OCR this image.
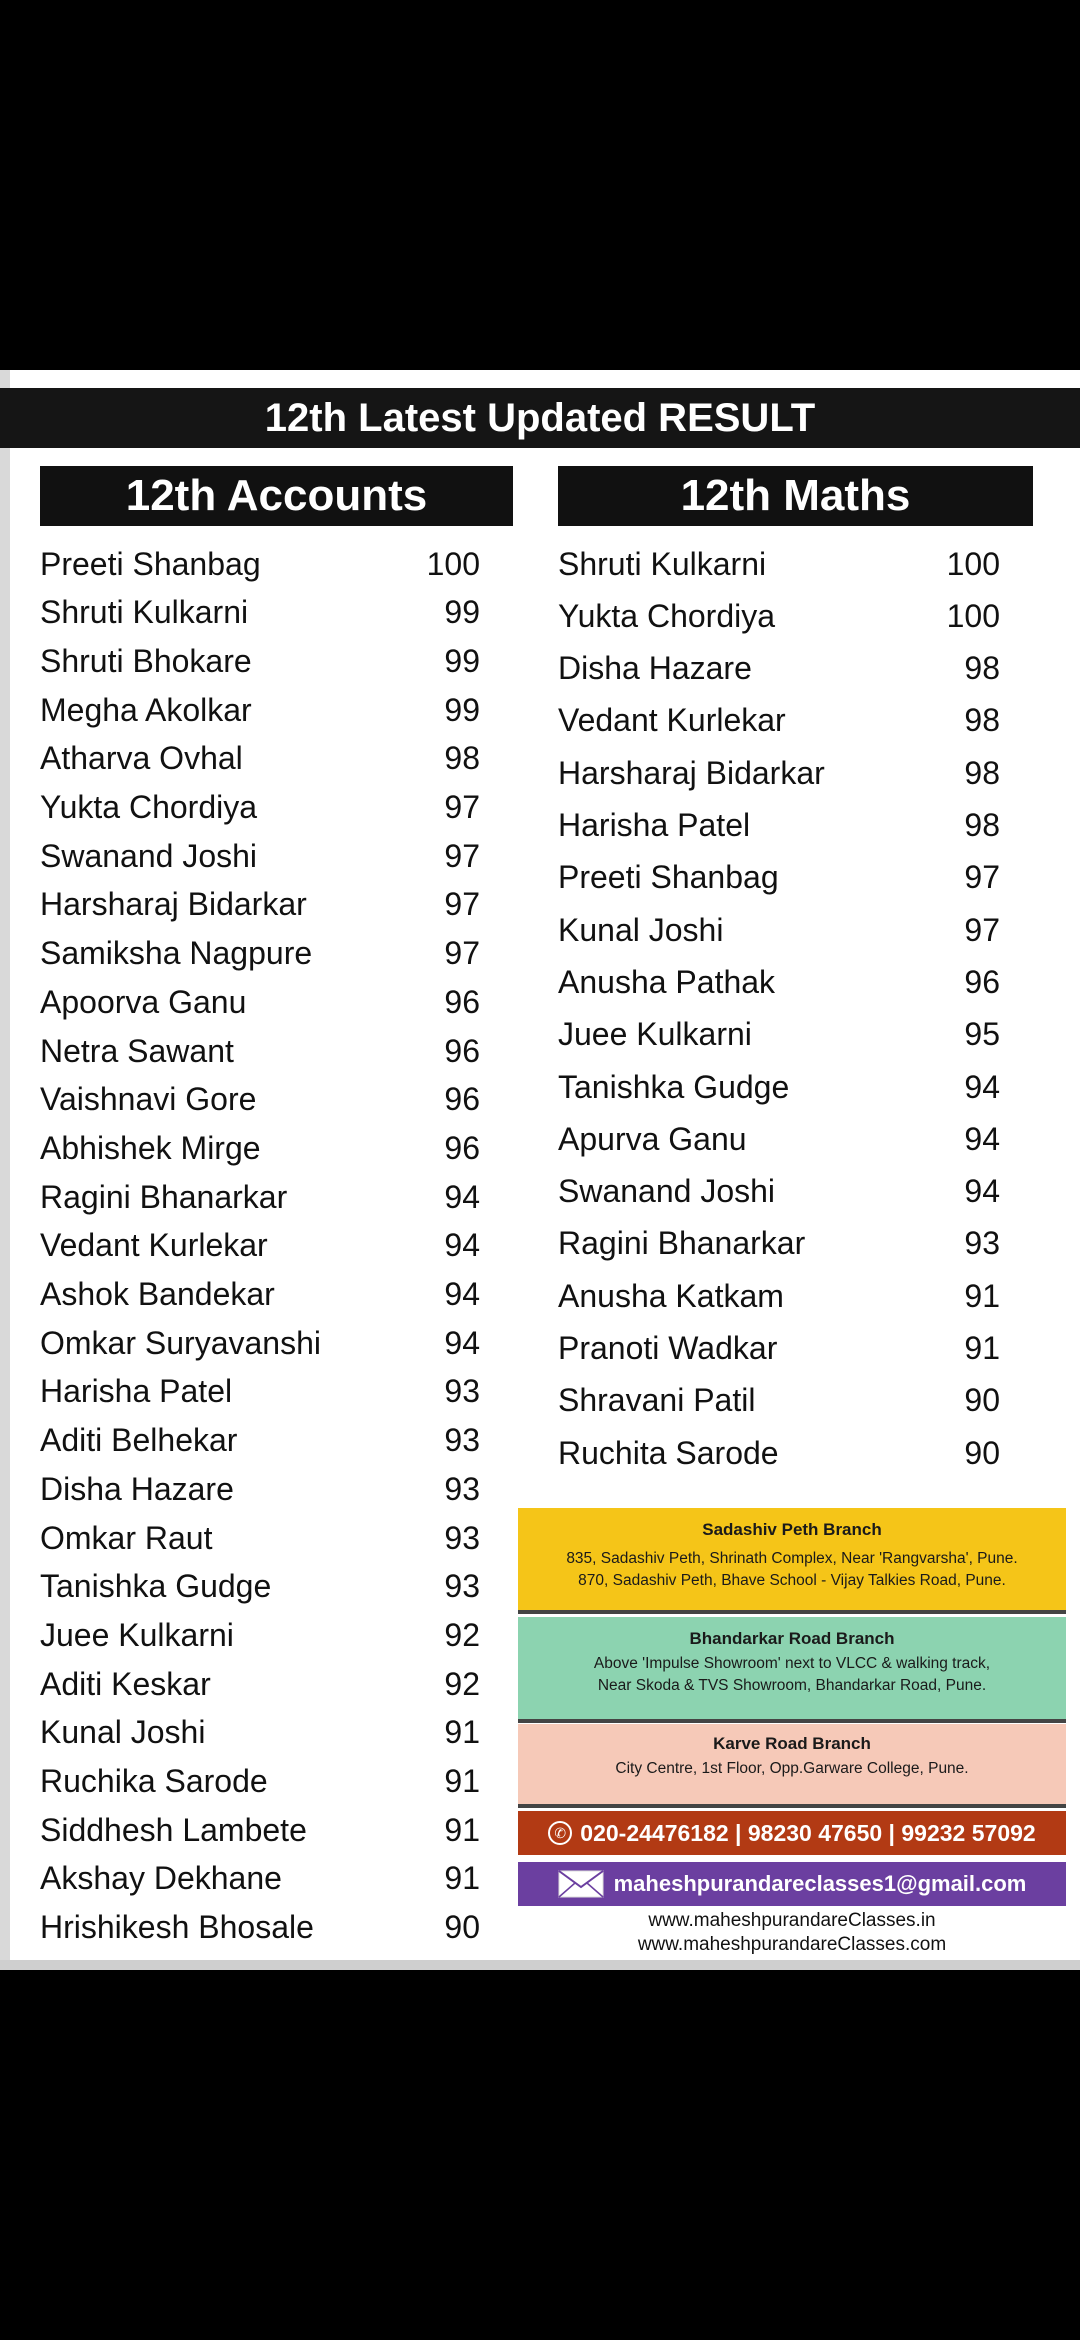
12th Latest Updated RESULT
12th Accounts	12th Maths
Preeti Shanbag	100
Shruti Kulkarni	99
Shruti Bhokare	99
Megha Akolkar	99
Atharva Ovhal	98
Yukta Chordiya	97
Swanand Joshi	97
Harsharaj Bidarkar	97
Samiksha Nagpure	97
Apoorva Ganu	96
Netra Sawant	96
Vaishnavi Gore	96
Abhishek Mirge	96
Ragini Bhanarkar	94
Vedant Kurlekar	94
Ashok Bandekar	94
Omkar Suryavanshi	94
Harisha Patel	93
Aditi Belhekar	93
Disha Hazare	93
Omkar Raut	93
Tanishka Gudge	93
Juee Kulkarni	92
Aditi Keskar	92
Kunal Joshi	91
Ruchika Sarode	91
Siddhesh Lambete	91
Akshay Dekhane	91
Hrishikesh Bhosale	90
Shruti Kulkarni	100
Yukta Chordiya	100
Disha Hazare	98
Vedant Kurlekar	98
Harsharaj Bidarkar	98
Harisha Patel	98
Preeti Shanbag	97
Kunal Joshi	97
Anusha Pathak	96
Juee Kulkarni	95
Tanishka Gudge	94
Apurva Ganu	94
Swanand Joshi	94
Ragini Bhanarkar	93
Anusha Katkam	91
Pranoti Wadkar	91
Shravani Patil	90
Ruchita Sarode	90
Sadashiv Peth Branch
835, Sadashiv Peth, Shrinath Complex, Near 'Rangvarsha', Pune.
870, Sadashiv Peth, Bhave School - Vijay Talkies Road, Pune.
Bhandarkar Road Branch
Above 'Impulse Showroom' next to VLCC & walking track,
Near Skoda & TVS Showroom, Bhandarkar Road, Pune.
Karve Road Branch
City Centre, 1st Floor, Opp.Garware College, Pune.
✆ 020-24476182 | 98230 47650 | 99232 57092
maheshpurandareclasses1@gmail.com
www.maheshpurandareClasses.in
www.maheshpurandareClasses.com
